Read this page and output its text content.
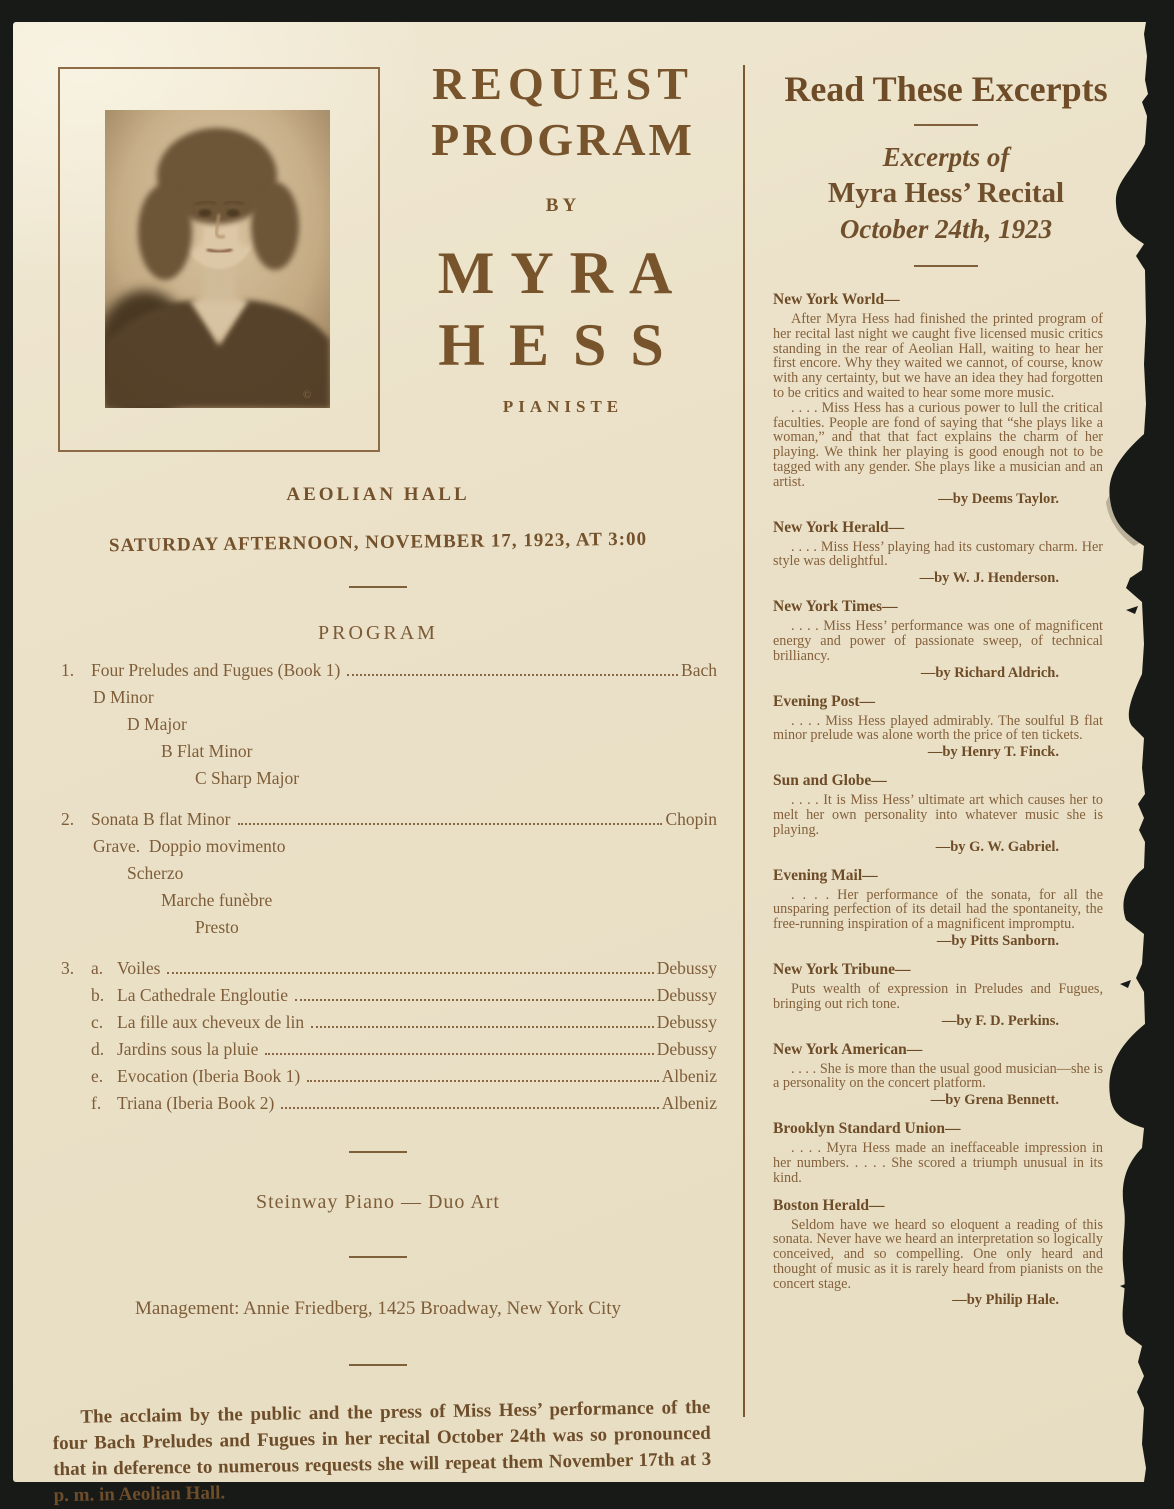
©
REQUEST
PROGRAM
BY
MYRA
HESS
PIANISTE
AEOLIAN HALL
SATURDAY AFTERNOON, NOVEMBER 17, 1923, AT 3:00
PROGRAM
1. Four Preludes and Fugues (Book 1)	Bach
D Minor
D Major
B Flat Minor
C Sharp Major
2. Sonata B flat Minor	Chopin
Grave. Doppio movimento
Scherzo
Marche funèbre
Presto
3. a. Voiles	Debussy
b. La Cathedrale Engloutie	Debussy
c. La fille aux cheveux de lin	Debussy
d. Jardins sous la pluie	Debussy
e. Evocation (Iberia Book 1)	Albeniz
f. Triana (Iberia Book 2)	Albeniz
Steinway Piano — Duo Art
Management: Annie Friedberg, 1425 Broadway, New York City

The acclaim by the public and the press of Miss Hess’ performance of the four Bach Preludes and Fugues in her recital October 24th was so pronounced that in deference to numerous requests she will repeat them November 17th at 3 p. m. in Aeolian Hall.

Read These Excerpts
Excerpts of
Myra Hess’ Recital
October 24th, 1923
New York World—

After Myra Hess had finished the printed program of her recital last night we caught five licensed music critics standing in the rear of Aeolian Hall, waiting to hear her first encore. Why they waited we cannot, of course, know with any certainty, but we have an idea they had forgotten to be critics and waited to hear some more music.

. . . . Miss Hess has a curious power to lull the critical faculties. People are fond of saying that “she plays like a woman,” and that that fact explains the charm of her playing. We think her playing is good enough not to be tagged with any gender. She plays like a musician and an artist.

—by Deems Taylor.
New York Herald—

. . . . Miss Hess’ playing had its customary charm. Her style was delightful.

—by W. J. Henderson.
New York Times—

. . . . Miss Hess’ performance was one of magnificent energy and power of passionate sweep, of technical brilliancy.

—by Richard Aldrich.
Evening Post—

. . . . Miss Hess played admirably. The soulful B flat minor prelude was alone worth the price of ten tickets.

—by Henry T. Finck.
Sun and Globe—

. . . . It is Miss Hess’ ultimate art which causes her to melt her own personality into whatever music she is playing.

—by G. W. Gabriel.
Evening Mail—

. . . . Her performance of the sonata, for all the unsparing perfection of its detail had the spontaneity, the free-running inspiration of a magnificent impromptu.

—by Pitts Sanborn.
New York Tribune—

Puts wealth of expression in Preludes and Fugues, bringing out rich tone.

—by F. D. Perkins.
New York American—

. . . . She is more than the usual good musician—she is a personality on the concert platform.

—by Grena Bennett.
Brooklyn Standard Union—

. . . . Myra Hess made an ineffaceable impression in her numbers. . . . . She scored a triumph unusual in its kind.

Boston Herald—

Seldom have we heard so eloquent a reading of this sonata. Never have we heard an interpretation so logically conceived, and so compelling. One only heard and thought of music as it is rarely heard from pianists on the concert stage.

—by Philip Hale.
